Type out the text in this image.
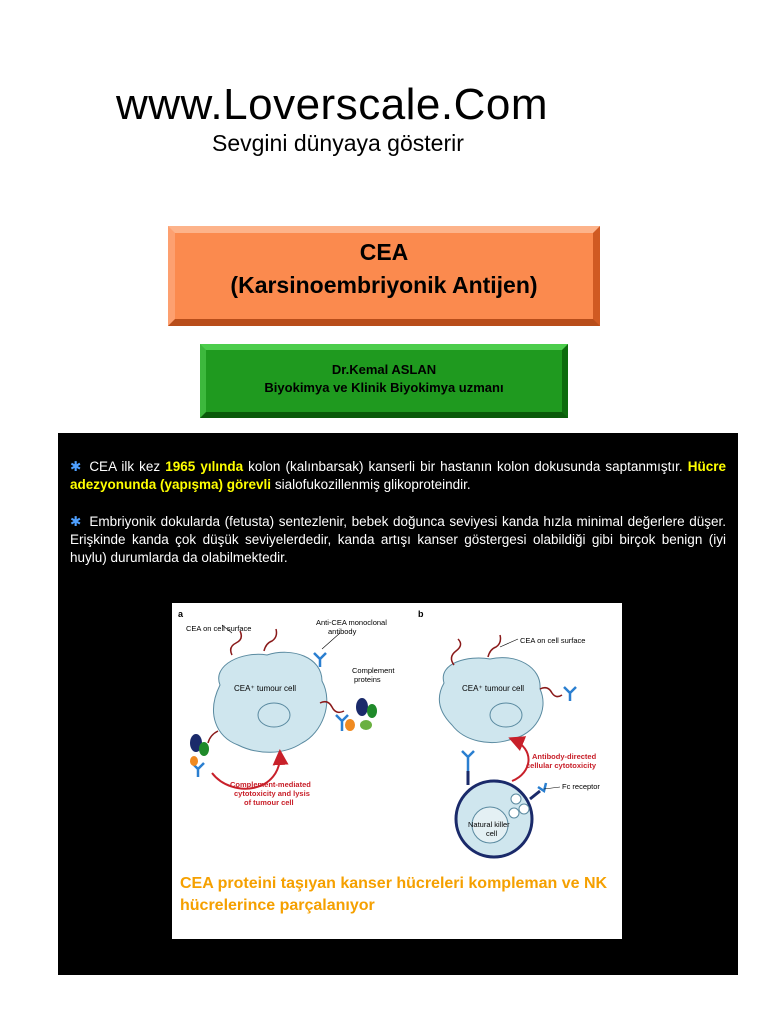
www.Loverscale.Com
Sevgini dünyaya gösterir
CEA
(Karsinoembriyonik Antijen)
Dr.Kemal ASLAN
Biyokimya ve Klinik Biyokimya uzmanı
✱ CEA ilk kez 1965 yılında kolon (kalınbarsak) kanserli bir hastanın kolon dokusunda saptanmıştır. Hücre adezyonunda (yapışma) görevli sialofukozillenmiş glikoproteindir.
✱ Embriyonik dokularda (fetusta) sentezlenir, bebek doğunca seviyesi kanda hızla minimal değerlere düşer. Erişkinde kanda çok düşük seviyelerdedir, kanda artışı kanser göstergesi olabildiği gibi birçok benign (iyi huylu) durumlarda da olabilmektedir.
a	b
CEA⁺ tumour cell
CEA on cell surface
Anti-CEA monoclonal
antibody
Complement
proteins
Complement-mediated
cytotoxicity and lysis
of tumour cell
CEA⁺ tumour cell
CEA on cell surface
Natural killer
cell
Fc receptor
Antibody-directed
cellular cytotoxicity
CEA proteini taşıyan kanser hücreleri kompleman ve NK
hücrelerince parçalanıyor
